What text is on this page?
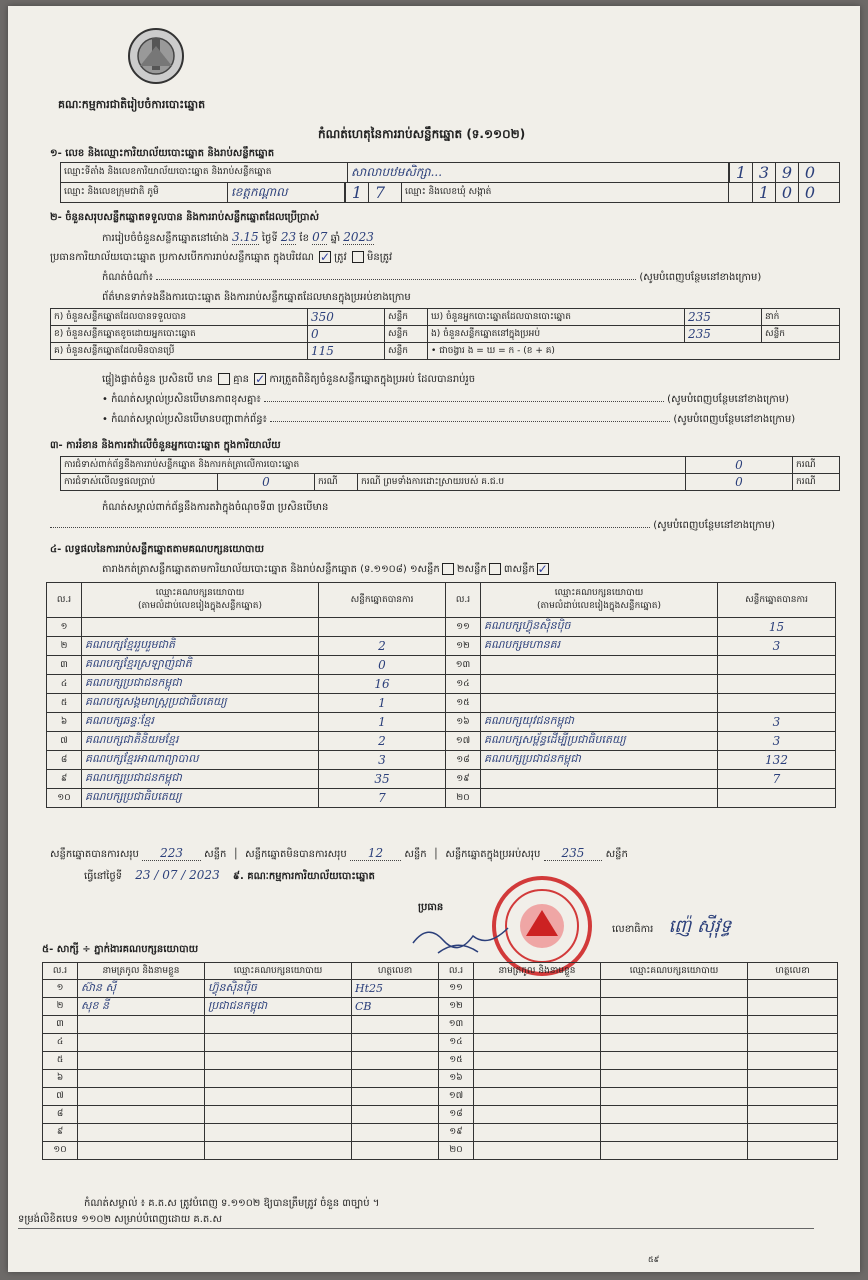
គណៈ​កម្មការ​ជាតិ​រៀបចំ​ការ​បោះឆ្នោត
កំណត់ហេតុនៃការរាប់សន្លឹកឆ្នោត (ទ.១១០២)
១- លេខ និងឈ្មោះការិយាល័យបោះឆ្នោត និងរាប់សន្លឹកឆ្នោត
ឈ្មោះទីតាំង និងលេខការិយាល័យបោះឆ្នោត និងរាប់សន្លឹកឆ្នោត	សាលាបឋមសិក្សា...	1 3 9 0
ឈ្មោះ និងលេខក្រុមជាតិ ភូមិ	ខេត្តកណ្តាល	1 7	ឈ្មោះ និងលេខឃុំ សង្កាត់	1 0 0
២- ចំនួនសរុបសន្លឹកឆ្នោតទទួលបាន និងការរាប់សន្លឹកឆ្នោតដែលប្រើប្រាស់
ការរៀបចំចំនួនសន្លឹកឆ្នោតនៅម៉ោង 3.15 ថ្ងៃទី 23 ខែ 07 ឆ្នាំ 2023
ប្រធានការិយាល័យបោះឆ្នោត ប្រកាសបើកការរាប់សន្លឹកឆ្នោត ក្នុងបរិវេណ ✓ ត្រូវ មិនត្រូវ
កំណត់ចំណាំ៖	(សូមបំពេញបន្ថែមនៅខាងក្រោម)
ព័ត៌មានទាក់ទងនឹងការបោះឆ្នោត និងការរាប់សន្លឹកឆ្នោតដែលមានក្នុងប្រអប់ខាងក្រោម
ក) ចំនួនសន្លឹកឆ្នោតដែលបានទទួលបាន	350	សន្លឹក	ឃ) ចំនួនអ្នកបោះឆ្នោតដែលបានបោះឆ្នោត	235	នាក់
ខ) ចំនួនសន្លឹកឆ្នោតខូចដោយអ្នកបោះឆ្នោត	0	សន្លឹក	ង) ចំនួនសន្លឹកឆ្នោតនៅក្នុងប្រអប់	235	សន្លឹក
គ) ចំនួនសន្លឹកឆ្នោតដែលមិនបានប្រើ	115	សន្លឹក	• ជាចង្វារ ង = ឃ = ក - (ខ + គ)		
ផ្ទៀងផ្ទាត់ចំនួន ប្រសិនបើ​ មាន គ្មាន ✓ ការត្រួតពិនិត្យចំនួនសន្លឹកឆ្នោតក្នុងប្រអប់ ដែលបានរាប់រួច
• កំណត់សម្គាល់ប្រសិនបើមានភាពខុសគ្នា៖	(សូមបំពេញបន្ថែមនៅខាងក្រោម)
• កំណត់សម្គាល់ប្រសិនបើមានបញ្ហាពាក់ព័ន្ធ៖	(សូមបំពេញបន្ថែមនៅខាងក្រោម)
៣- ការរំខាន និងការតវ៉ាលើចំនួនអ្នកបោះឆ្នោត ក្នុងការិយាល័យ
ការជំទាស់ពាក់ព័ន្ធនឹងការរាប់សន្លឹកឆ្នោត និងការកត់ត្រាលើការបោះឆ្នោត				0	ករណី
ការជំទាស់លើលទ្ធផលប្រាប់	0	ករណី	ករណី ព្រមទាំងការដោះស្រាយរបស់ គ.ជ.ប	0	ករណី
កំណត់សម្គាល់ពាក់ព័ន្ធនឹងការតវ៉ាក្នុងចំណុចទី៣ ប្រសិនបើមាន
(សូមបំពេញបន្ថែមនៅខាងក្រោម)
៤- លទ្ធផលនៃការរាប់សន្លឹកឆ្នោតតាមគណបក្សនយោបាយ
តារាងកត់ត្រាសន្លឹកឆ្នោតតាមការិយាល័យបោះឆ្នោត និងរាប់សន្លឹកឆ្នោត (ទ.១១០៨) ១សន្លឹក ២សន្លឹក ៣សន្លឹក ✓
ល.រ	ឈ្មោះគណបក្សនយោបាយ
(តាមលំដាប់លេខរៀងក្នុងសន្លឹកឆ្នោត)	សន្លឹកឆ្នោតបានការ	ល.រ	ឈ្មោះគណបក្សនយោបាយ
(តាមលំដាប់លេខរៀងក្នុងសន្លឹកឆ្នោត)	សន្លឹកឆ្នោតបានការ
១			១១	គណបក្សហ៊្វុនស៊ិនប៉ិច	15
២	គណបក្សខ្មែររួបរួមជាតិ	2	១២	គណបក្សមហានគរ	3
៣	គណបក្សខ្មែរស្រឡាញ់ជាតិ	0	១៣		
៤	គណបក្សប្រជាជនកម្ពុជា	16	១៤		
៥	គណបក្សសង្គមរាស្ត្រប្រជាធិបតេយ្យ	1	១៥		
៦	គណបក្សឆន្ទៈខ្មែរ	1	១៦	គណបក្សយុវជនកម្ពុជា	3
៧	គណបក្សជាតិនិយមខ្មែរ	2	១៧	គណបក្សសម្ព័ន្ធដើម្បីប្រជាធិបតេយ្យ	3
៨	គណបក្សខ្មែរអាណាព្យាបាល	3	១៨	គណបក្សប្រជាជនកម្ពុជា	132
៩	គណបក្សប្រជាជនកម្ពុជា	35	១៩		7
១០	គណបក្សប្រជាធិបតេយ្យ	7	២០		
សន្លឹកឆ្នោតបានការសរុប 223 សន្លឹក  │  សន្លឹកឆ្នោតមិនបានការសរុប 12 សន្លឹក  │  សន្លឹកឆ្នោតក្នុងប្រអប់សរុប 235 សន្លឹក
ធ្វើនៅថ្ងៃទី 23 / 07 / 2023 ៩. គណៈ​កម្មការ​ការិយាល័យ​បោះឆ្នោត
ប្រធាន
លេខាធិការ ញ៉េ ស៊ីវុទ្ធ
៥- សាក្សី ÷ ភ្នាក់ងារគណបក្សនយោបាយ
ល.រ	នាមត្រកូល និងនាមខ្លួន	ឈ្មោះគណបក្សនយោបាយ	ហត្ថលេខា	ល.រ	នាមត្រកូល និងនាមខ្លួន	ឈ្មោះគណបក្សនយោបាយ	ហត្ថលេខា
១	ស៊ាន ស៊ី	ហ៊្វុនស៊ិនប៉ិច	Ht25	១១			
២	សុខ​ នី	ប្រជាជនកម្ពុជា	CB	១២			
៣				១៣			
៤				១៤			
៥				១៥			
៦				១៦			
៧				១៧			
៨				១៨			
៩				១៩			
១០				២០			
កំណត់សម្គាល់ ៖ គ.ត.ស ត្រូវបំពេញ ទ.១១០២ ឱ្យបានត្រឹមត្រូវ ចំនួន ៣ច្បាប់ ។
ទម្រង់លិខិតបេទ ១១០២ សម្រាប់បំពេញដោយ គ.ត.ស
៥៩
